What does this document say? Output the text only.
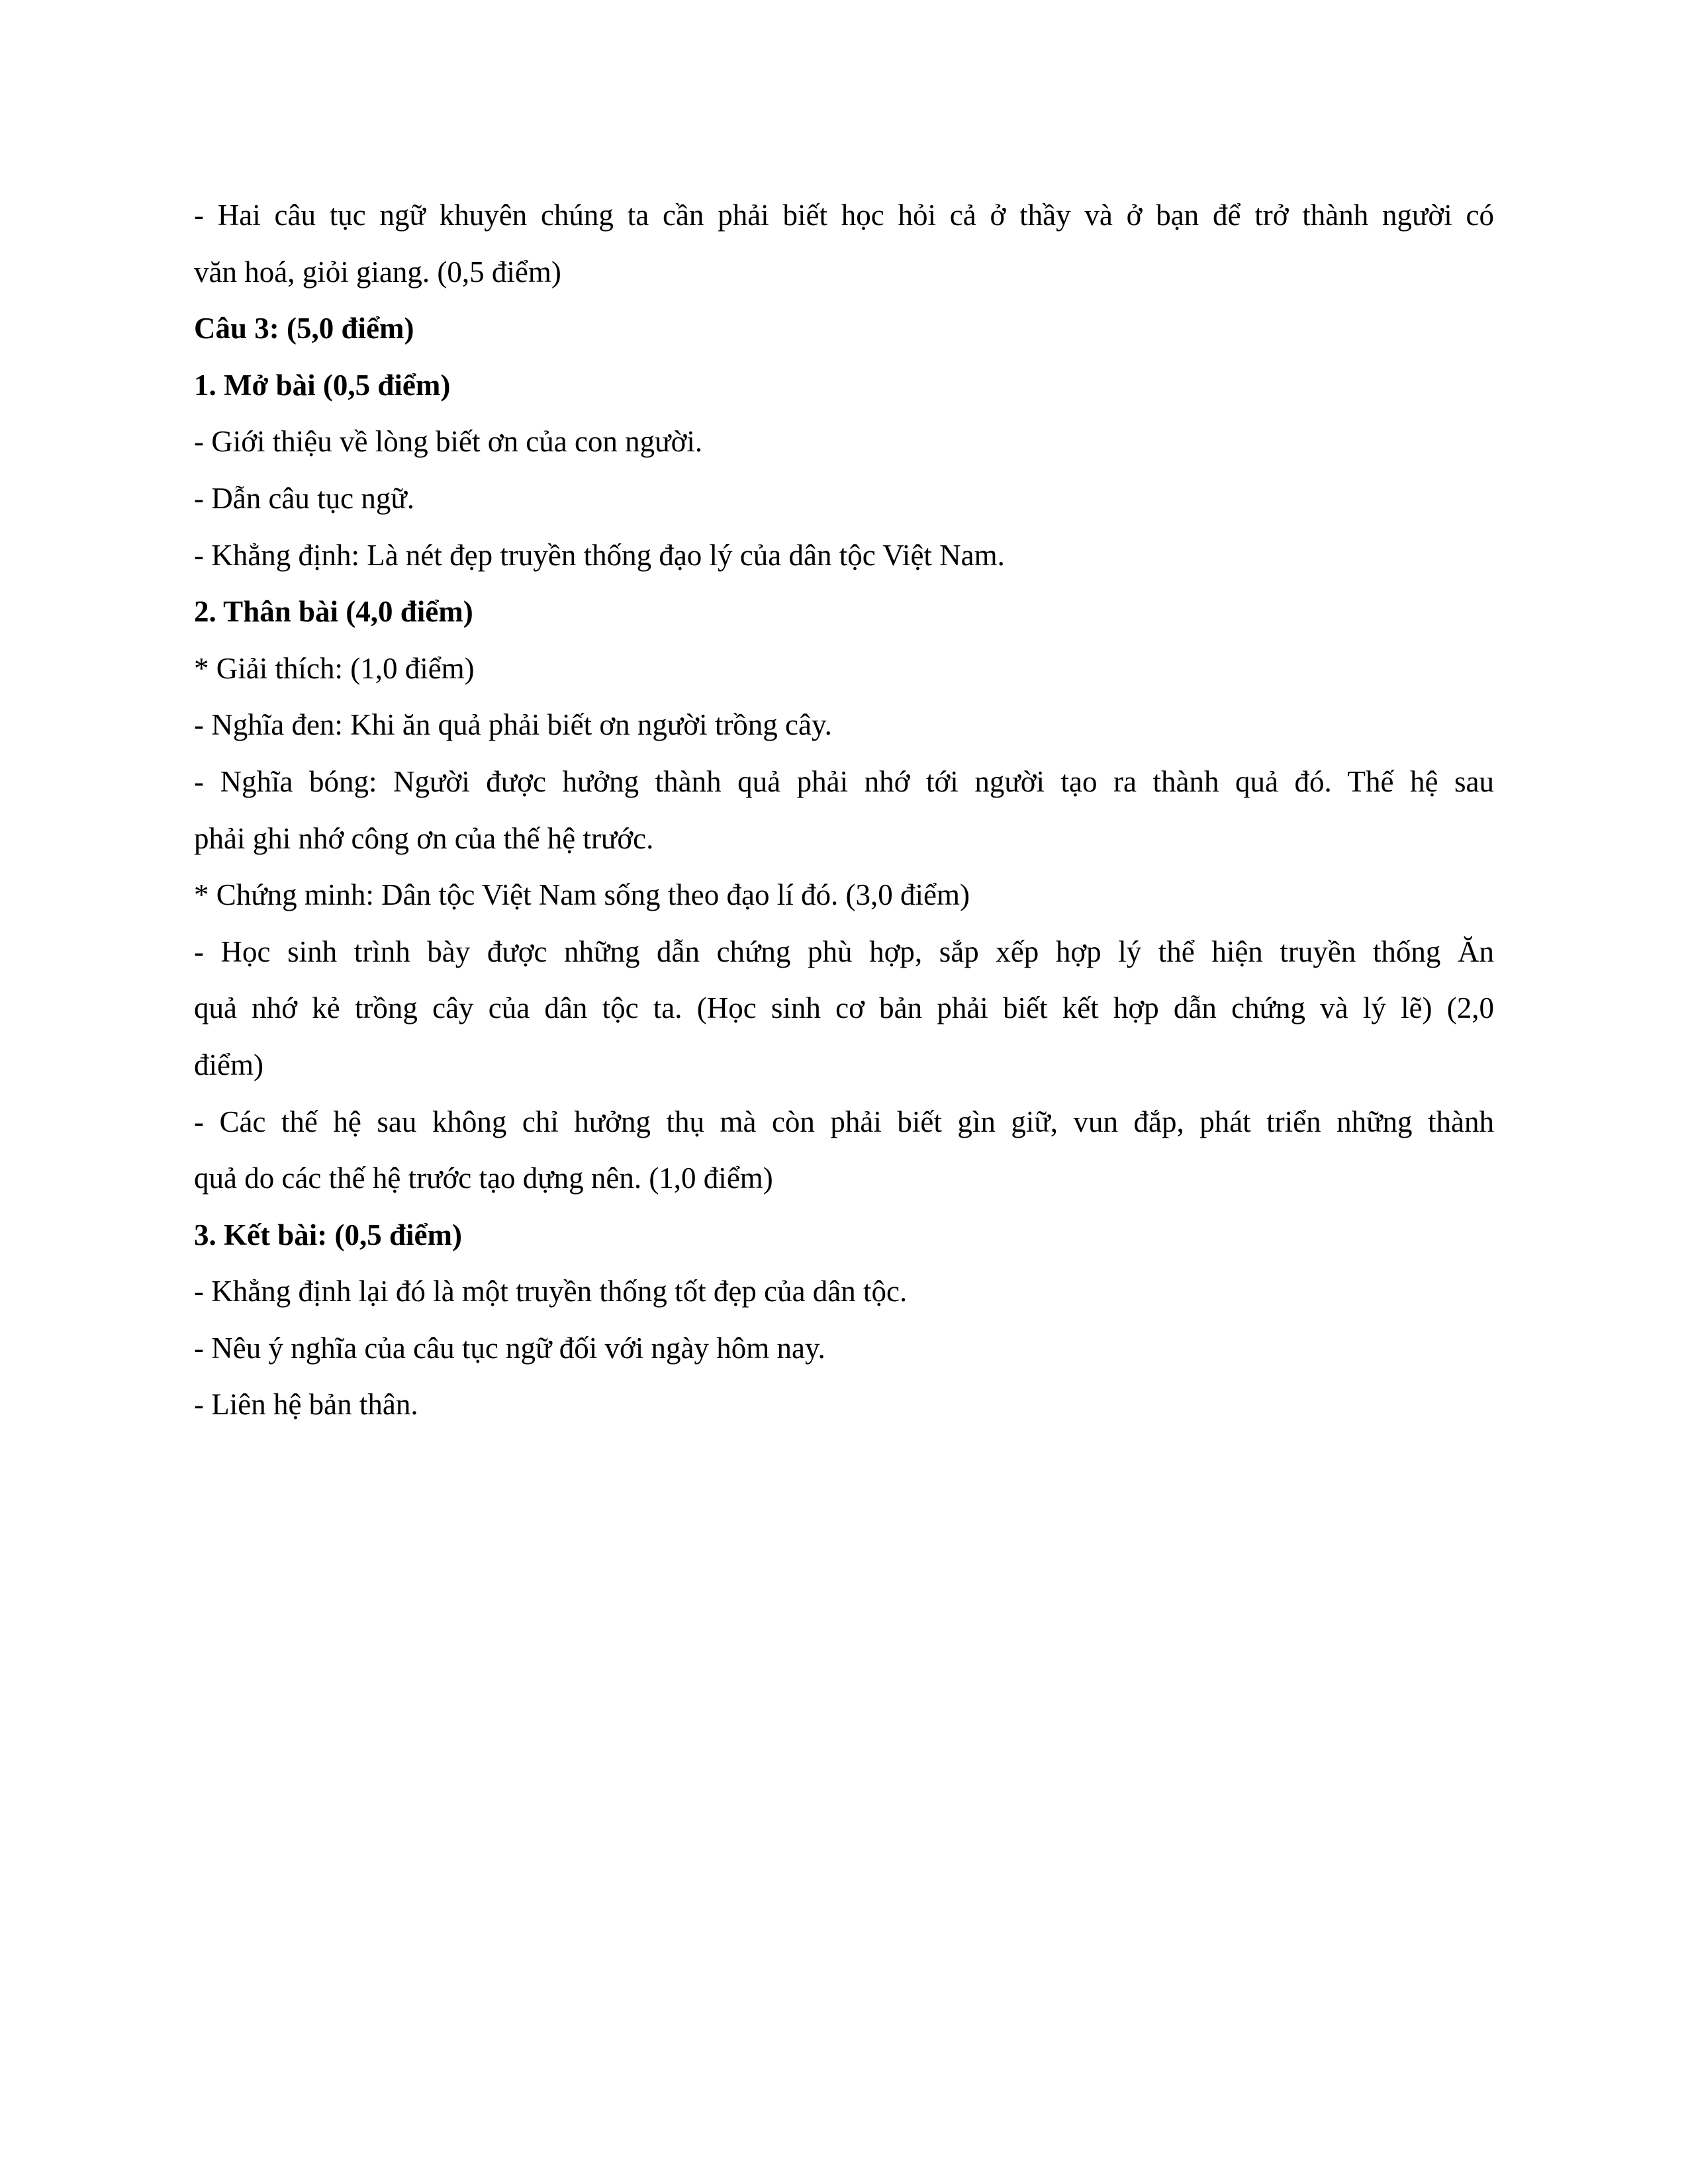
- Hai câu tục ngữ khuyên chúng ta cần phải biết học hỏi cả ở thầy và ở bạn để trở thành người có

văn hoá, giỏi giang. (0,5 điểm)

Câu 3: (5,0 điểm)

1. Mở bài (0,5 điểm)

- Giới thiệu về lòng biết ơn của con người.

- Dẫn câu tục ngữ.

- Khẳng định: Là nét đẹp truyền thống đạo lý của dân tộc Việt Nam.

2. Thân bài (4,0 điểm)

* Giải thích: (1,0 điểm)

- Nghĩa đen: Khi ăn quả phải biết ơn người trồng cây.

- Nghĩa bóng: Người được hưởng thành quả phải nhớ tới người tạo ra thành quả đó. Thế hệ sau

phải ghi nhớ công ơn của thế hệ trước.

* Chứng minh: Dân tộc Việt Nam sống theo đạo lí đó. (3,0 điểm)

- Học sinh trình bày được những dẫn chứng phù hợp, sắp xếp hợp lý thể hiện truyền thống Ăn

quả nhớ kẻ trồng cây của dân tộc ta. (Học sinh cơ bản phải biết kết hợp dẫn chứng và lý lẽ) (2,0

điểm)

- Các thế hệ sau không chỉ hưởng thụ mà còn phải biết gìn giữ, vun đắp, phát triển những thành

quả do các thế hệ trước tạo dựng nên. (1,0 điểm)

3. Kết bài: (0,5 điểm)

- Khẳng định lại đó là một truyền thống tốt đẹp của dân tộc.

- Nêu ý nghĩa của câu tục ngữ đối với ngày hôm nay.

- Liên hệ bản thân.
